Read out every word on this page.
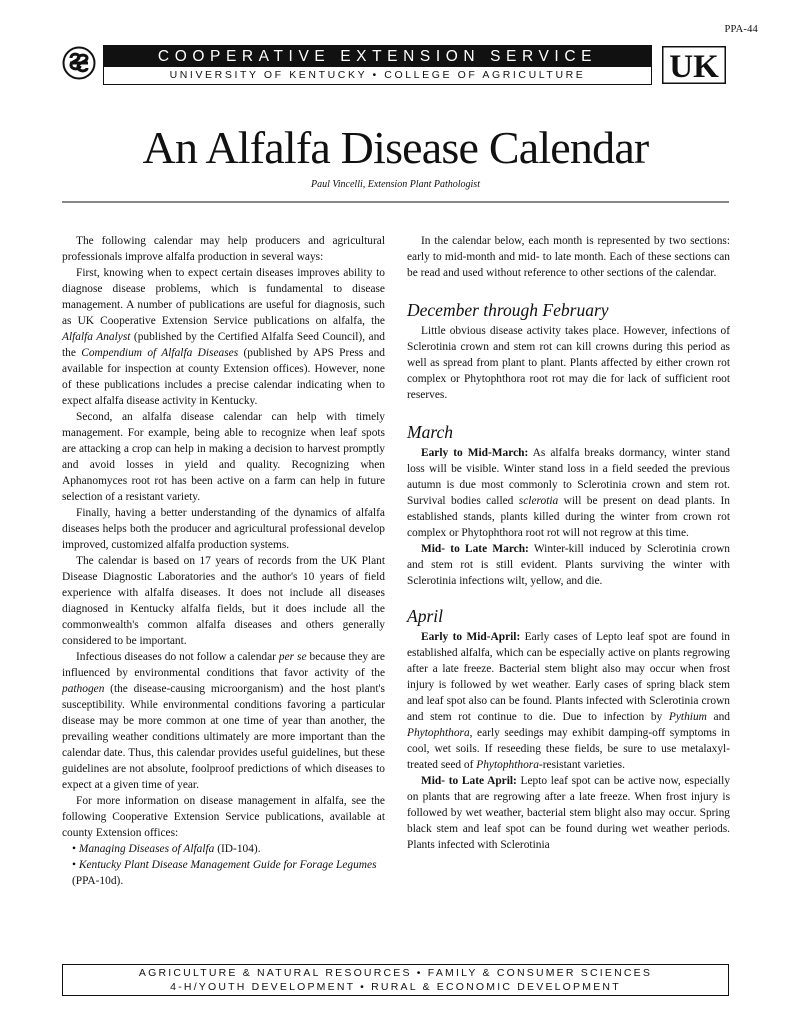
PPA-44
COOPERATIVE EXTENSION SERVICE
UNIVERSITY OF KENTUCKY • COLLEGE OF AGRICULTURE	UK
An Alfalfa Disease Calendar
Paul Vincelli, Extension Plant Pathologist

The following calendar may help producers and agricultural professionals improve alfalfa production in several ways:

First, knowing when to expect certain diseases improves ability to diagnose disease problems, which is fundamental to disease management. A number of publications are useful for diagnosis, such as UK Cooperative Extension Service publications on alfalfa, the Alfalfa Analyst (published by the Certified Alfalfa Seed Council), and the Compendium of Alfalfa Diseases (published by APS Press and available for inspection at county Extension offices). However, none of these publications includes a precise calendar indicating when to expect alfalfa disease activity in Kentucky.

Second, an alfalfa disease calendar can help with timely management. For example, being able to recognize when leaf spots are attacking a crop can help in making a decision to harvest promptly and avoid losses in yield and quality. Recognizing when Aphanomyces root rot has been active on a farm can help in future selection of a resistant variety.

Finally, having a better understanding of the dynamics of alfalfa diseases helps both the producer and agricultural professional develop improved, customized alfalfa production systems.

The calendar is based on 17 years of records from the UK Plant Disease Diagnostic Laboratories and the author's 10 years of field experience with alfalfa diseases. It does not include all diseases diagnosed in Kentucky alfalfa fields, but it does include all the commonwealth's common alfalfa diseases and others generally considered to be important.

Infectious diseases do not follow a calendar per se because they are influenced by environmental conditions that favor activity of the pathogen (the disease-causing microorganism) and the host plant's susceptibility. While environmental conditions favoring a particular disease may be more common at one time of year than another, the prevailing weather conditions ultimately are more important than the calendar date. Thus, this calendar provides useful guidelines, but these guidelines are not absolute, foolproof predictions of which diseases to expect at a given time of year.

For more information on disease management in alfalfa, see the following Cooperative Extension Service publications, available at county Extension offices:

• Managing Diseases of Alfalfa (ID-104).

• Kentucky Plant Disease Management Guide for Forage Legumes (PPA-10d).

In the calendar below, each month is represented by two sections: early to mid-month and mid- to late month. Each of these sections can be read and used without reference to other sections of the calendar.

December through February

Little obvious disease activity takes place. However, infections of Sclerotinia crown and stem rot can kill crowns during this period as well as spread from plant to plant. Plants affected by either crown rot complex or Phytophthora root rot may die for lack of sufficient root reserves.

March

Early to Mid-March: As alfalfa breaks dormancy, winter stand loss will be visible. Winter stand loss in a field seeded the previous autumn is due most commonly to Sclerotinia crown and stem rot. Survival bodies called sclerotia will be present on dead plants. In established stands, plants killed during the winter from crown rot complex or Phytophthora root rot will not regrow at this time.

Mid- to Late March: Winter-kill induced by Sclerotinia crown and stem rot is still evident. Plants surviving the winter with Sclerotinia infections wilt, yellow, and die.

April

Early to Mid-April: Early cases of Lepto leaf spot are found in established alfalfa, which can be especially active on plants regrowing after a late freeze. Bacterial stem blight also may occur when frost injury is followed by wet weather. Early cases of spring black stem and leaf spot also can be found. Plants infected with Sclerotinia crown and stem rot continue to die. Due to infection by Pythium and Phytophthora, early seedings may exhibit damping-off symptoms in cool, wet soils. If reseeding these fields, be sure to use metalaxyl-treated seed of Phytophthora-resistant varieties.

Mid- to Late April: Lepto leaf spot can be active now, especially on plants that are regrowing after a late freeze. When frost injury is followed by wet weather, bacterial stem blight also may occur. Spring black stem and leaf spot can be found during wet weather periods. Plants infected with Sclerotinia

AGRICULTURE & NATURAL RESOURCES • FAMILY & CONSUMER SCIENCES
4-H/YOUTH DEVELOPMENT • RURAL & ECONOMIC DEVELOPMENT
